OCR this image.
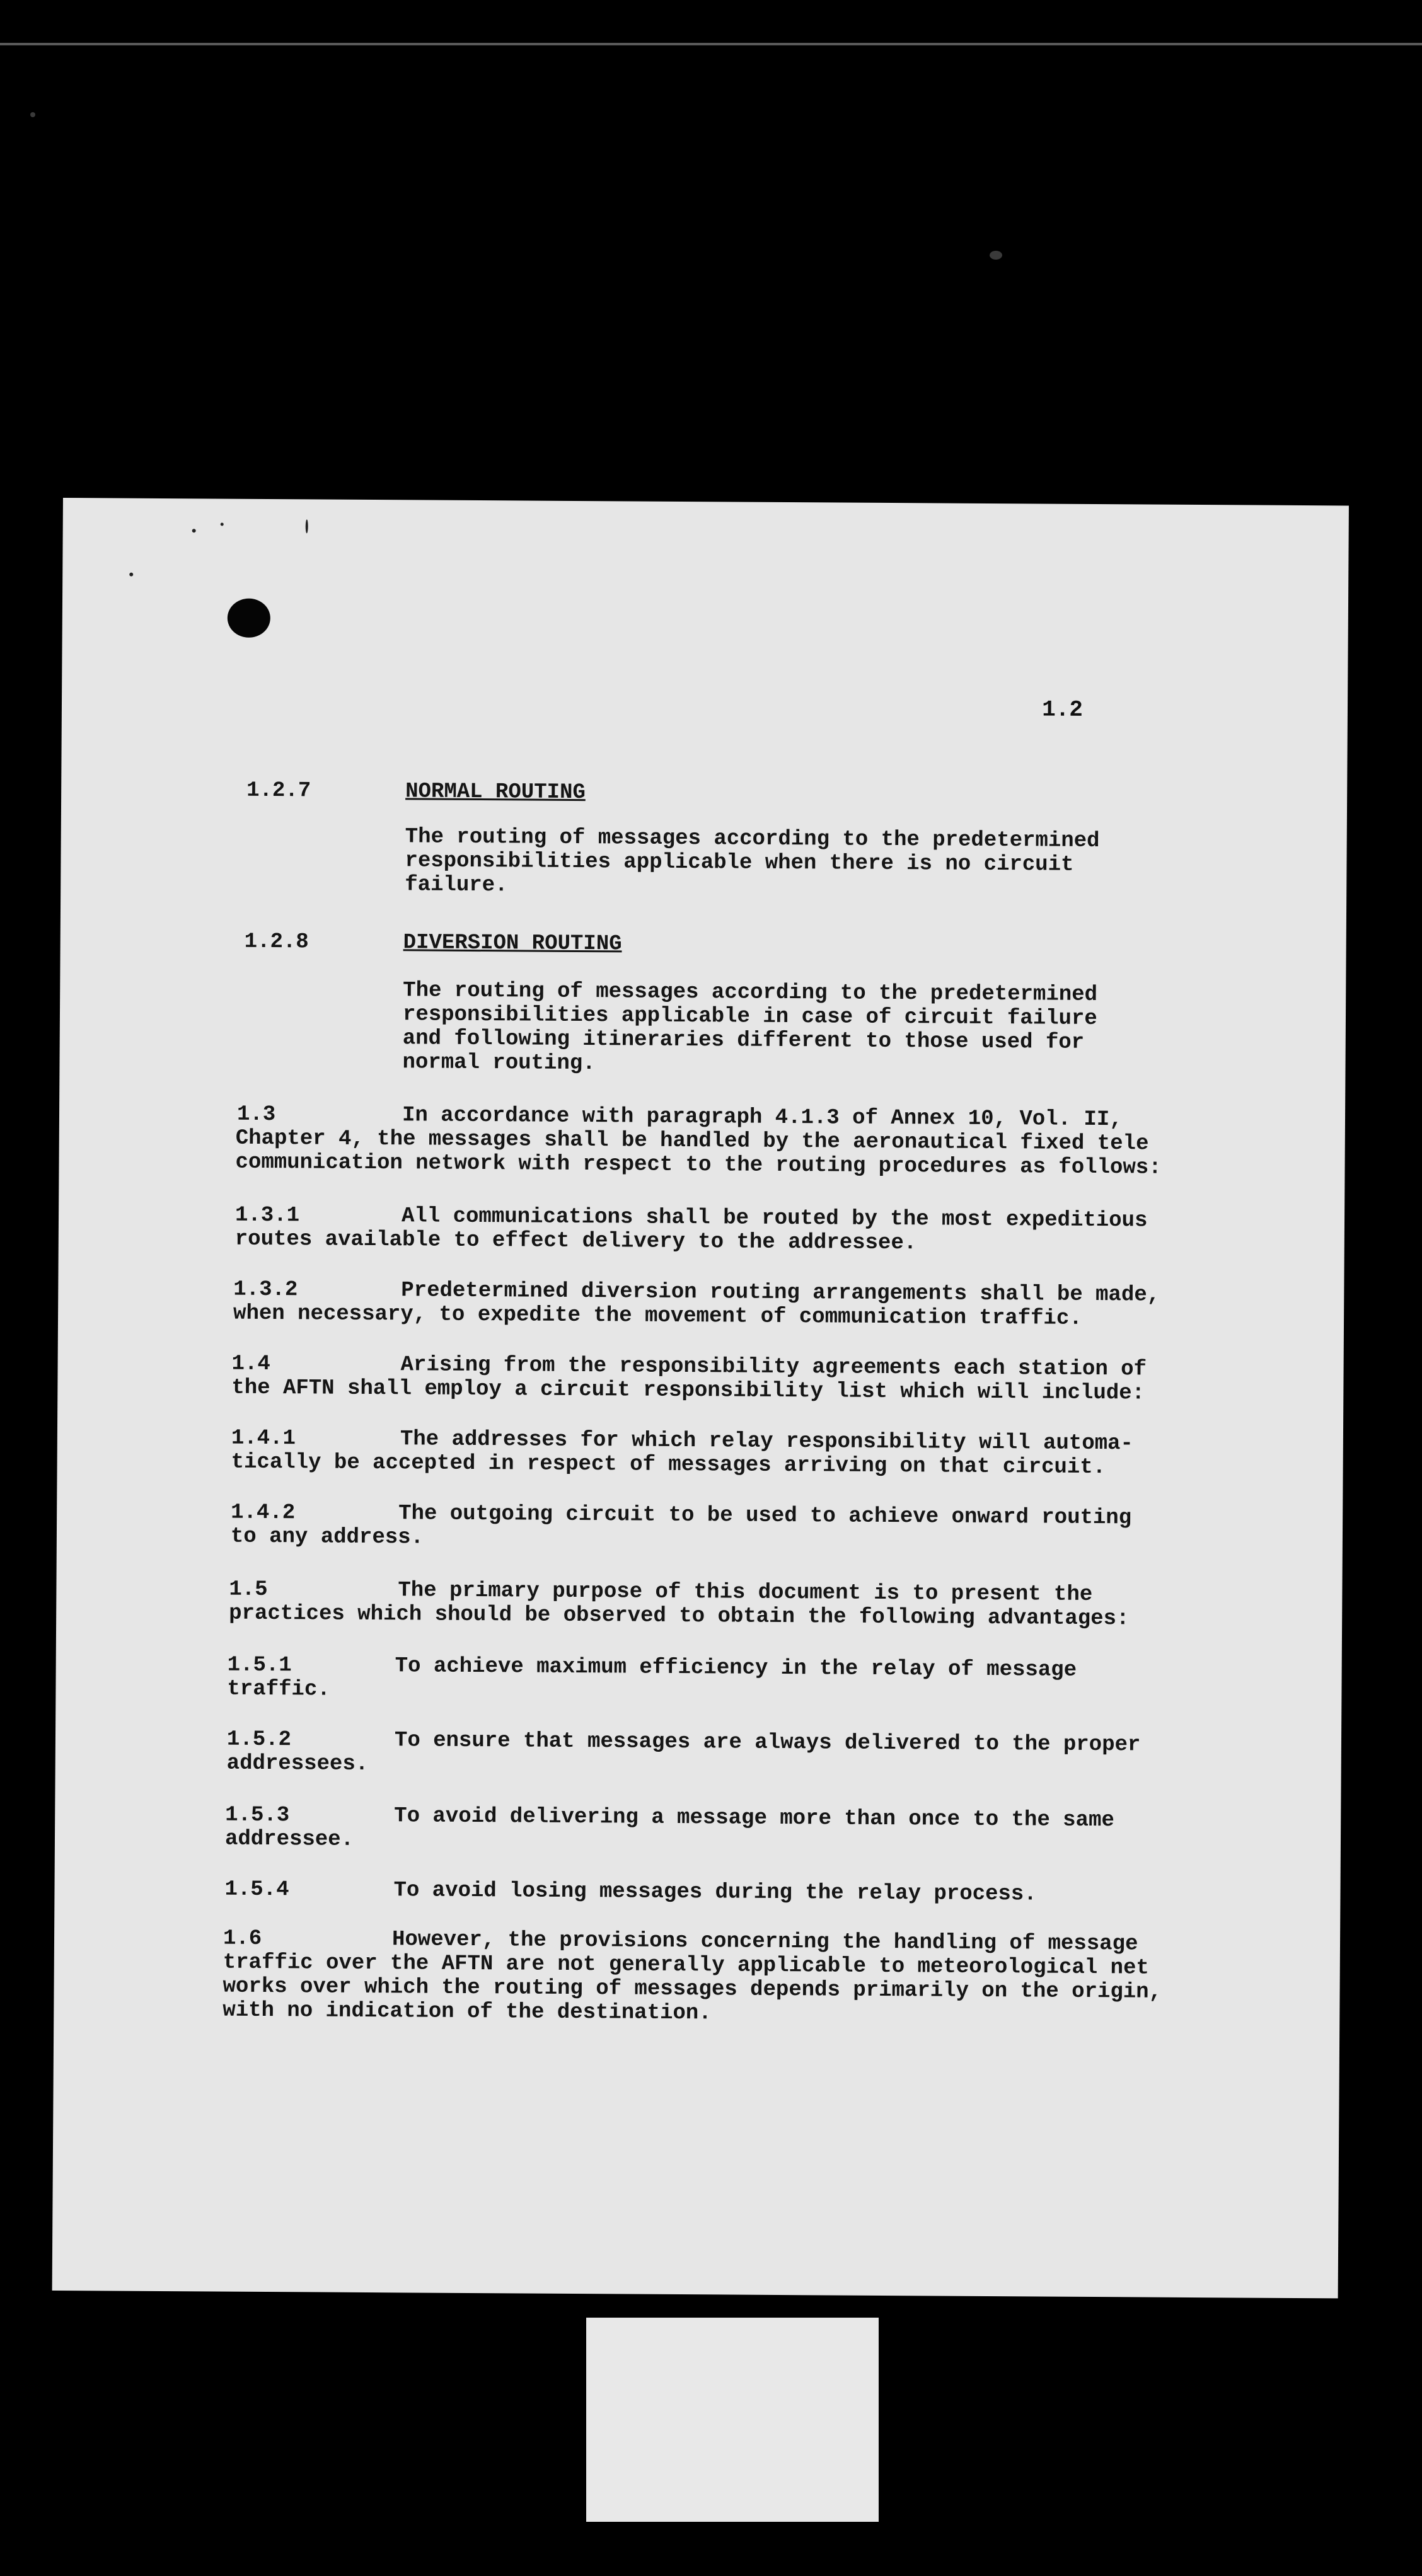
1.2

1.2.7

	NORMAL ROUTING

The routing of messages according to the predetermined

responsibilities applicable when there is no circuit

failure.

1.2.8

	DIVERSION ROUTING

The routing of messages according to the predetermined

responsibilities applicable in case of circuit failure

and following itineraries different to those used for

normal routing.

1.3

	In accordance with paragraph 4.1.3 of Annex 10, Vol. II,

Chapter 4, the messages shall be handled by the aeronautical fixed tele

communication network with respect to the routing procedures as follows:

1.3.1

	All communications shall be routed by the most expeditious

routes available to effect delivery to the addressee.

1.3.2

	Predetermined diversion routing arrangements shall be made,

when necessary, to expedite the movement of communication traffic.

1.4

	Arising from the responsibility agreements each station of

the AFTN shall employ a circuit responsibility list which will include:

1.4.1

	The addresses for which relay responsibility will automa-

tically be accepted in respect of messages arriving on that circuit.

1.4.2

	The outgoing circuit to be used to achieve onward routing

to any address.

1.5

	The primary purpose of this document is to present the

practices which should be observed to obtain the following advantages:

1.5.1

	To achieve maximum efficiency in the relay of message

traffic.

1.5.2

	To ensure that messages are always delivered to the proper

addressees.

1.5.3

	To avoid delivering a message more than once to the same

addressee.

1.5.4

	To avoid losing messages during the relay process.

1.6

	However, the provisions concerning the handling of message

traffic over the AFTN are not generally applicable to meteorological net

works over which the routing of messages depends primarily on the origin,

with no indication of the destination.
